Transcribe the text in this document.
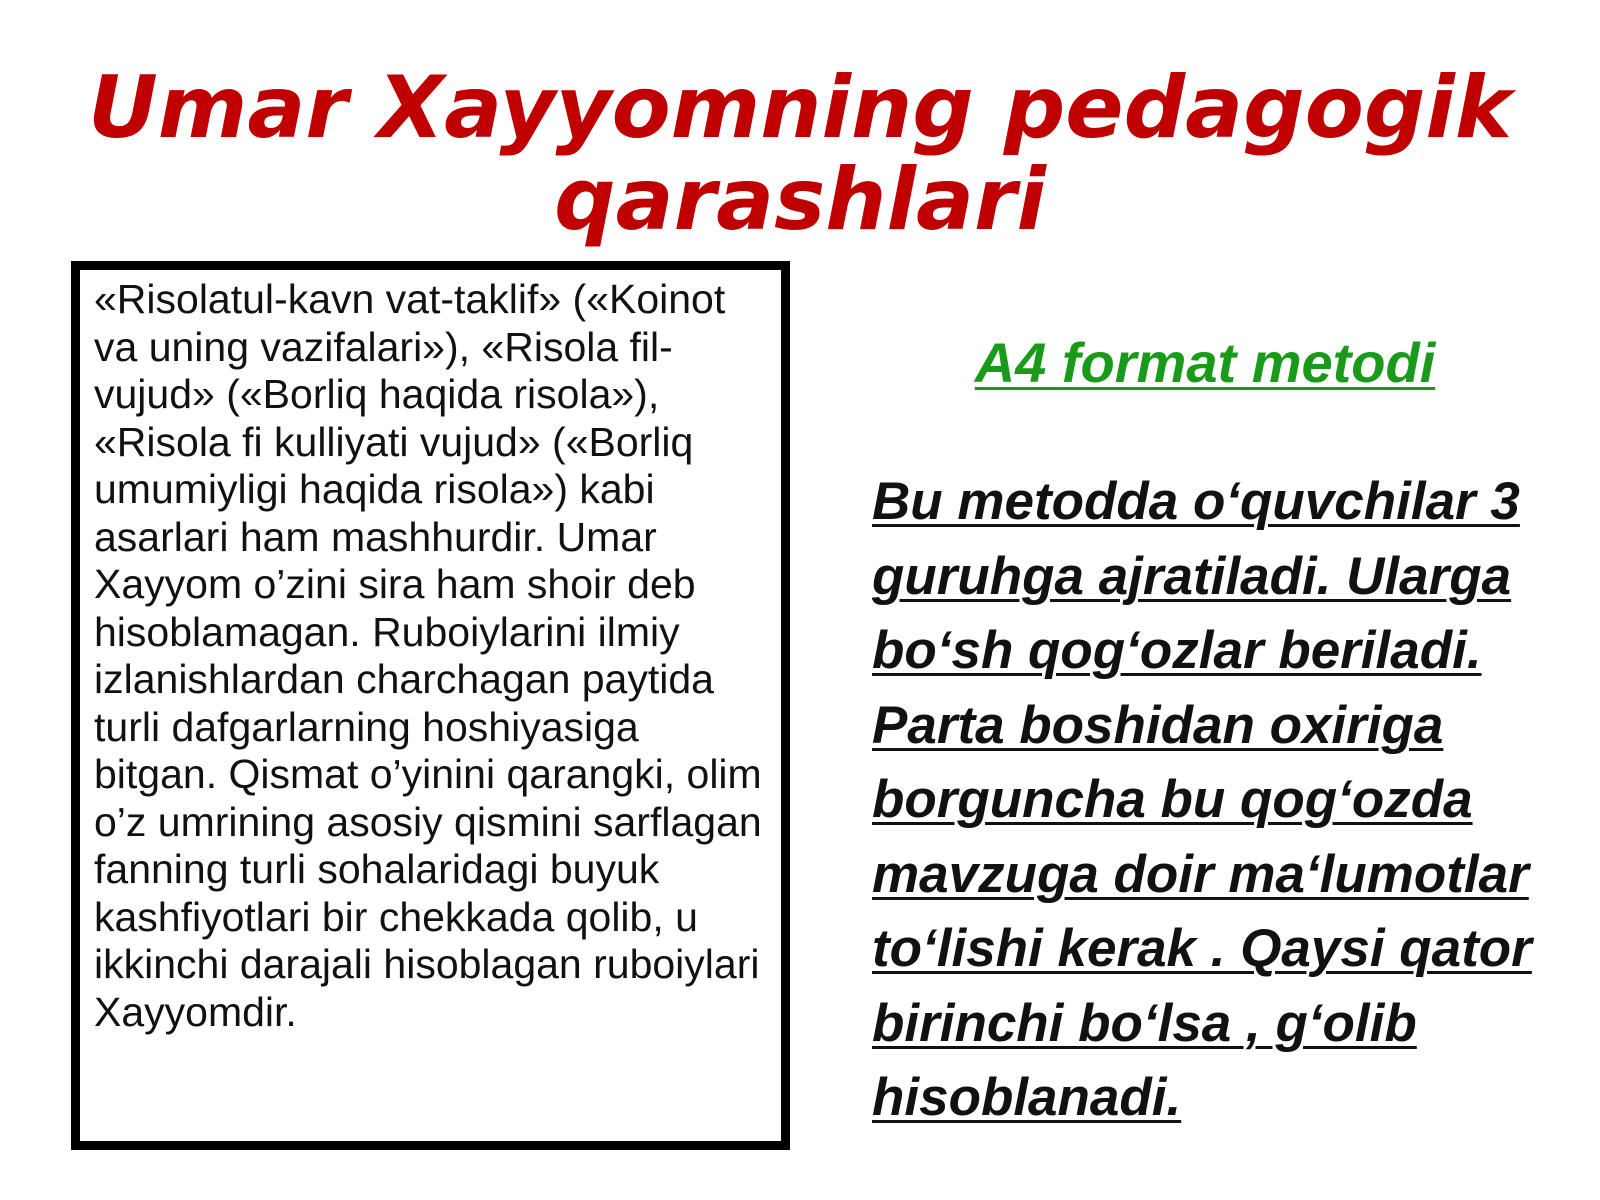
Umar Xayyomning pedagogik qarashlari

«Risolatul-kavn vat-taklif» («Koinot va uning vazifalari»), «Risola fil-vujud» («Borliq haqida risola»), «Risola fi kulliyati vujud» («Borliq umumiyligi haqida risola») kabi asarlari ham mashhurdir. Umar Xayyom o’zini sira ham shoir deb hisoblamagan. Ruboiylarini ilmiy izlanishlardan charchagan paytida turli dafgarlarning hoshiyasiga bitgan. Qismat o’yinini qarangki, olim o’z umrining asosiy qismini sarflagan fanning turli sohalaridagi buyuk kashfiyotlari bir chekkada qolib, u ikkinchi darajali hisoblagan ruboiylari Xayyomdir.

A4 format metodi

Bu metodda o‘quvchilar 3 guruhga ajratiladi. Ularga bo‘sh qog‘ozlar beriladi. Parta boshidan oxiriga borguncha bu qog‘ozda mavzuga doir ma‘lumotlar to‘lishi kerak . Qaysi qator birinchi bo‘lsa , g‘olib hisoblanadi.
